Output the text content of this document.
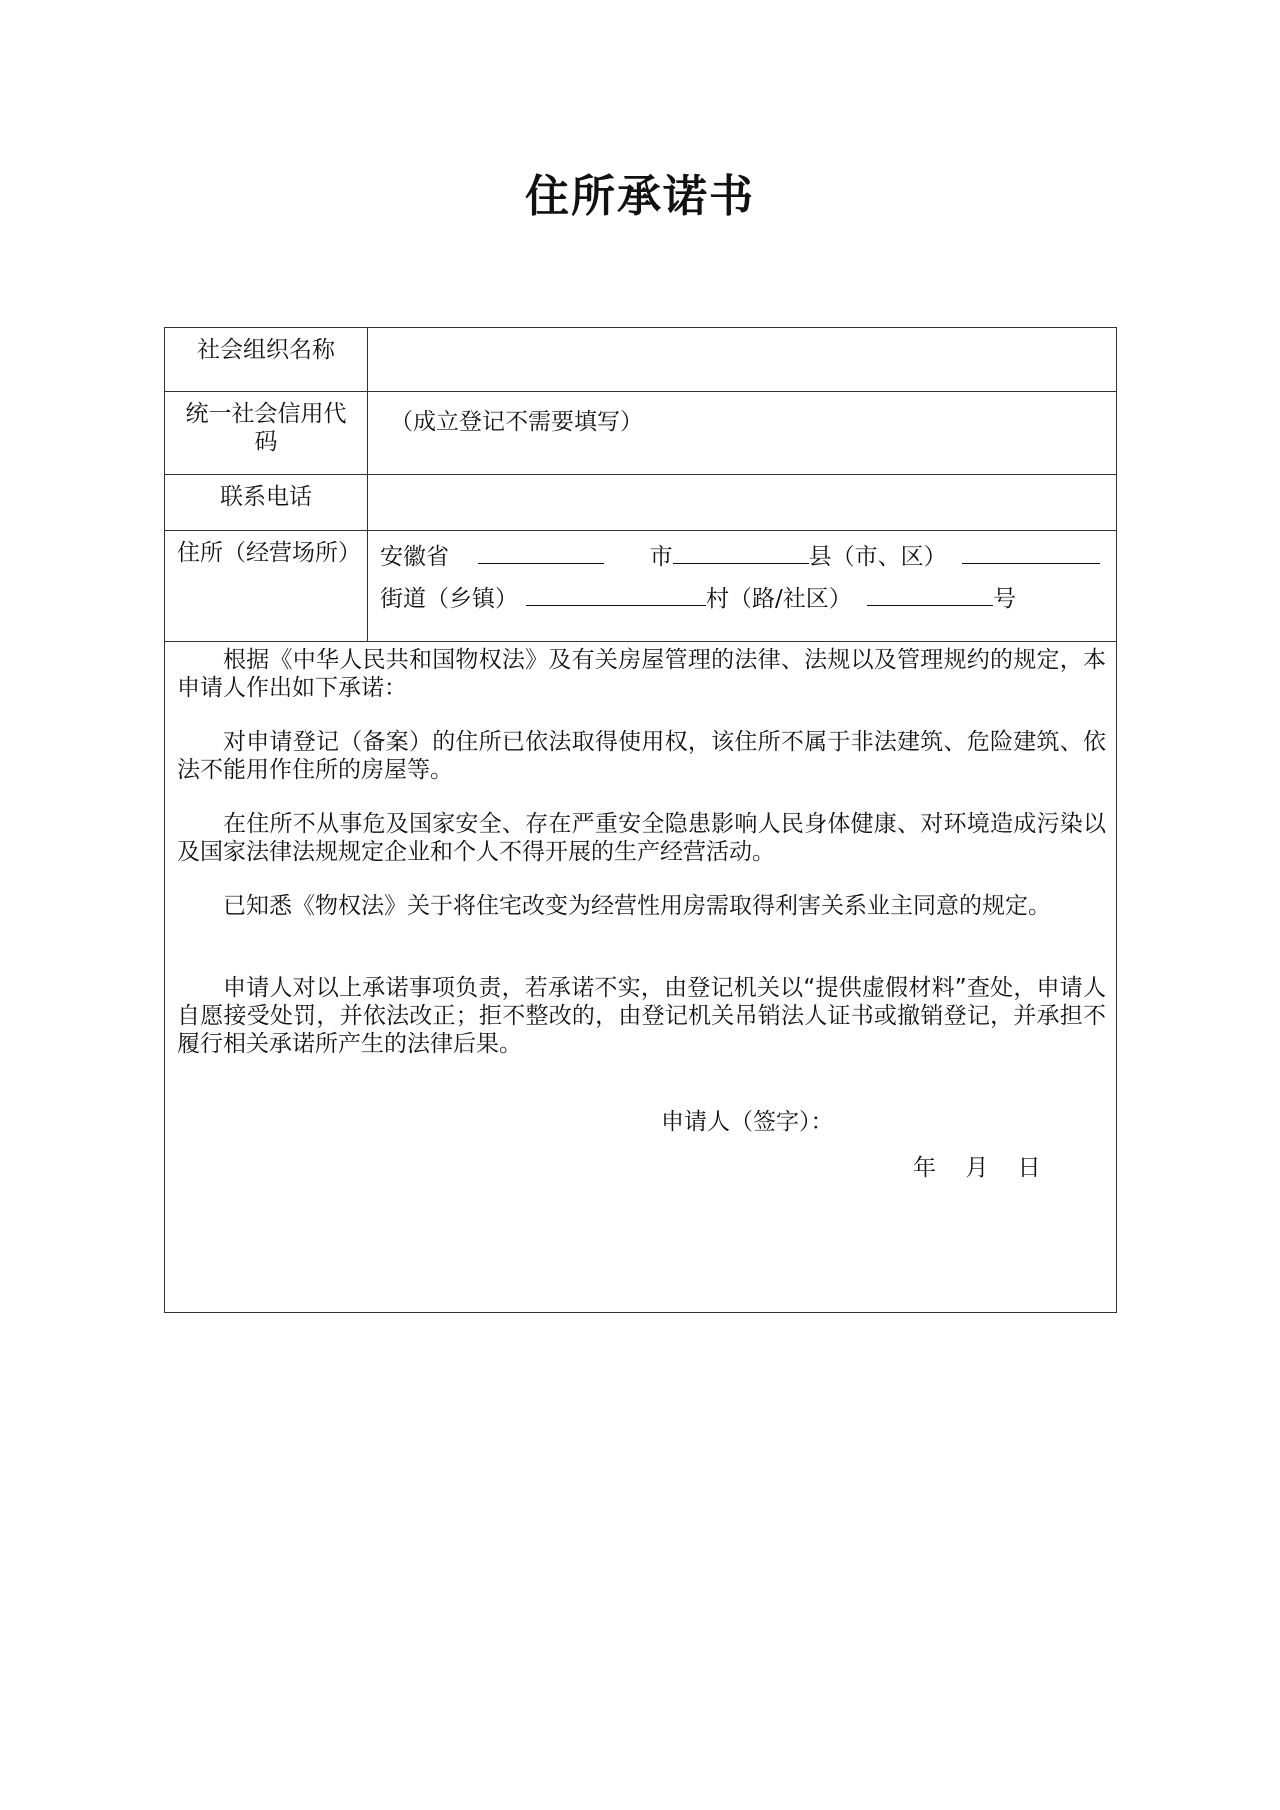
住所承诺书
社会组织名称
统一社会信用代码
（成立登记不需要填写）
联系电话
住所（经营场所） 安徽省	市	县（市、区）
街道（乡镇）	村（路/社区）	号

根据《中华人民共和国物权法》及有关房屋管理的法律、法规以及管理规约的规定，本申请人作出如下承诺：

对申请登记（备案）的住所已依法取得使用权，该住所不属于非法建筑、危险建筑、依法不能用作住所的房屋等。

在住所不从事危及国家安全、存在严重安全隐患影响人民身体健康、对环境造成污染以及国家法律法规规定企业和个人不得开展的生产经营活动。

已知悉《物权法》关于将住宅改变为经营性用房需取得利害关系业主同意的规定。

申请人对以上承诺事项负责，若承诺不实，由登记机关以“提供虚假材料”查处，申请人自愿接受处罚，并依法改正；拒不整改的，由登记机关吊销法人证书或撤销登记，并承担不履行相关承诺所产生的法律后果。

申请人（签字）：
年 月 日
